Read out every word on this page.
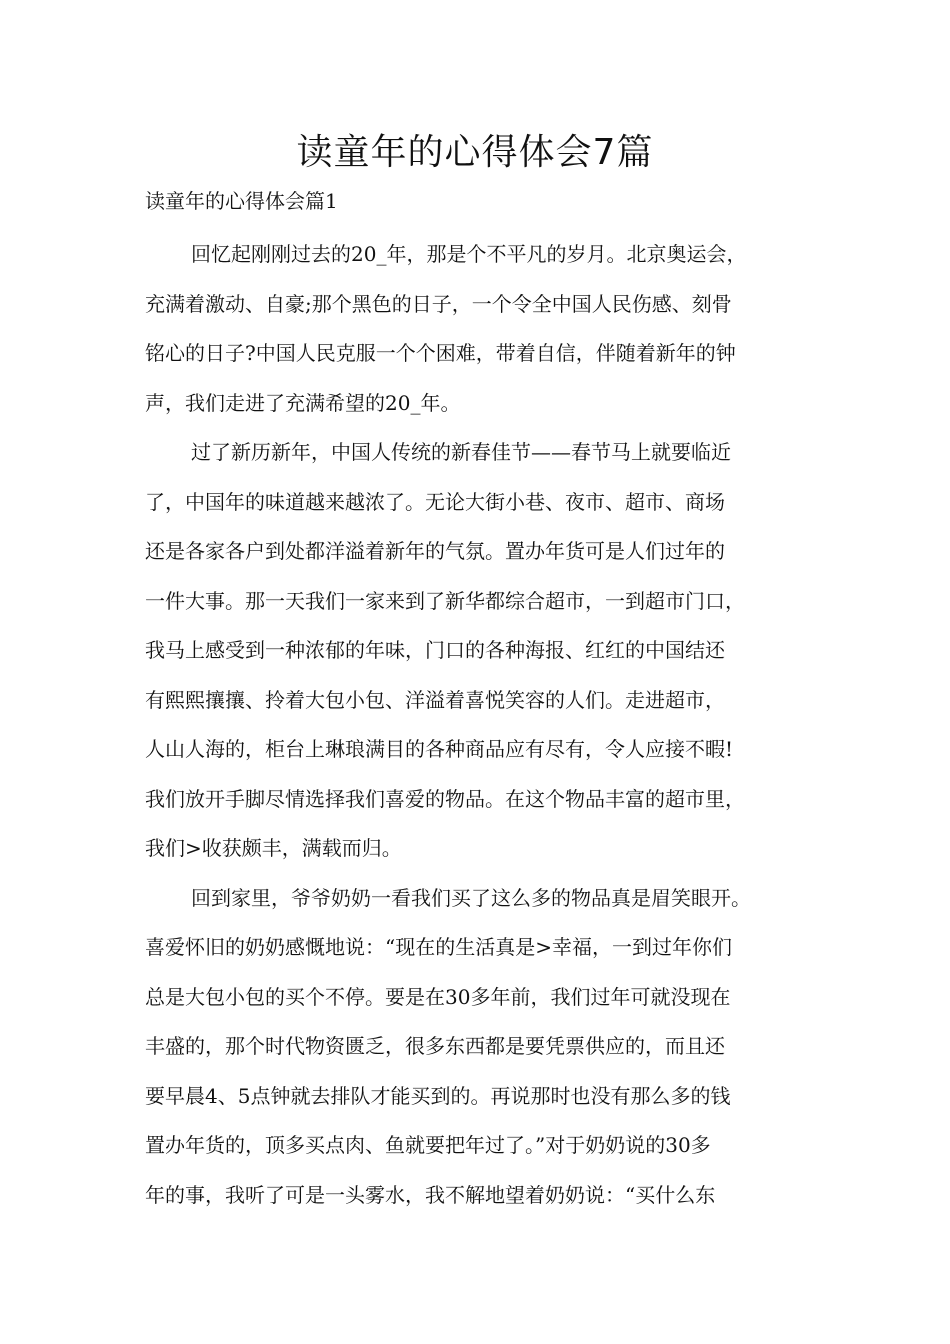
读童年的心得体会7篇
读童年的心得体会篇1

回忆起刚刚过去的20_年，那是个不平凡的岁月。北京奥运会，
充满着激动、自豪;那个黑色的日子，一个令全中国人民伤感、刻骨
铭心的日子?中国人民克服一个个困难，带着自信，伴随着新年的钟
声，我们走进了充满希望的20_年。

过了新历新年，中国人传统的新春佳节——春节马上就要临近
了，中国年的味道越来越浓了。无论大街小巷、夜市、超市、商场
还是各家各户到处都洋溢着新年的气氛。置办年货可是人们过年的
一件大事。那一天我们一家来到了新华都综合超市，一到超市门口，
我马上感受到一种浓郁的年味，门口的各种海报、红红的中国结还
有熙熙攘攘、拎着大包小包、洋溢着喜悦笑容的人们。走进超市，
人山人海的，柜台上琳琅满目的各种商品应有尽有，令人应接不暇!
我们放开手脚尽情选择我们喜爱的物品。在这个物品丰富的超市里，
我们>收获颇丰，满载而归。

回到家里，爷爷奶奶一看我们买了这么多的物品真是眉笑眼开。
喜爱怀旧的奶奶感慨地说：“现在的生活真是>幸福，一到过年你们
总是大包小包的买个不停。要是在30多年前，我们过年可就没现在
丰盛的，那个时代物资匮乏，很多东西都是要凭票供应的，而且还
要早晨4、5点钟就去排队才能买到的。再说那时也没有那么多的钱
置办年货的，顶多买点肉、鱼就要把年过了。”对于奶奶说的30多
年的事，我听了可是一头雾水，我不解地望着奶奶说：“买什么东
